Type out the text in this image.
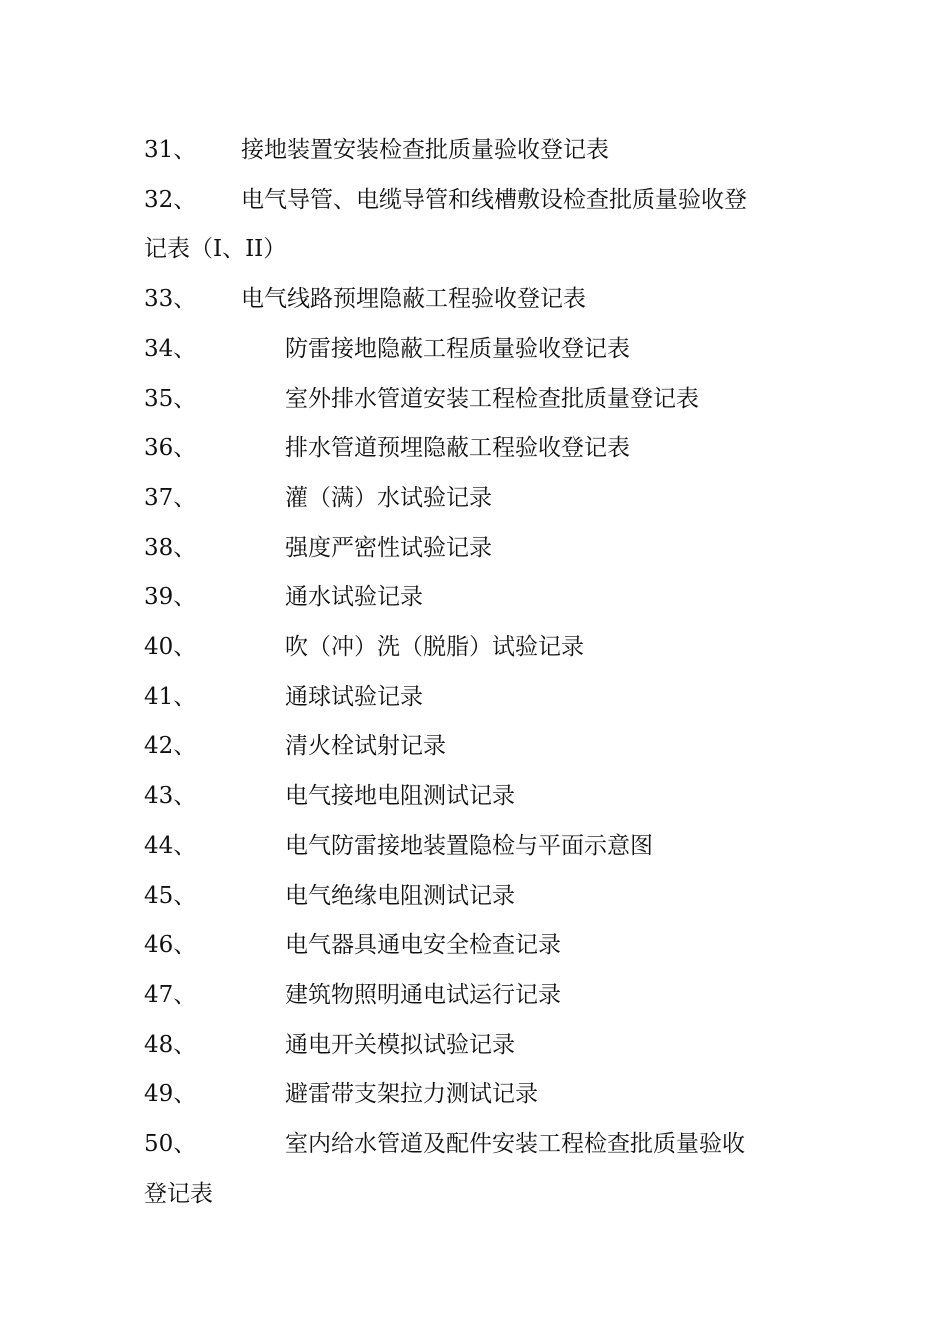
31、	接地装置安装检查批质量验收登记表
32、	电气导管、电缆导管和线槽敷设检查批质量验收登
记表（I、II）
33、	电气线路预埋隐蔽工程验收登记表
34、	防雷接地隐蔽工程质量验收登记表
35、	室外排水管道安装工程检查批质量登记表
36、	排水管道预埋隐蔽工程验收登记表
37、	灌（满）水试验记录
38、	强度严密性试验记录
39、	通水试验记录
40、	吹（冲）洗（脱脂）试验记录
41、	通球试验记录
42、	清火栓试射记录
43、	电气接地电阻测试记录
44、	电气防雷接地装置隐检与平面示意图
45、	电气绝缘电阻测试记录
46、	电气器具通电安全检查记录
47、	建筑物照明通电试运行记录
48、	通电开关模拟试验记录
49、	避雷带支架拉力测试记录
50、	室内给水管道及配件安装工程检查批质量验收
登记表
